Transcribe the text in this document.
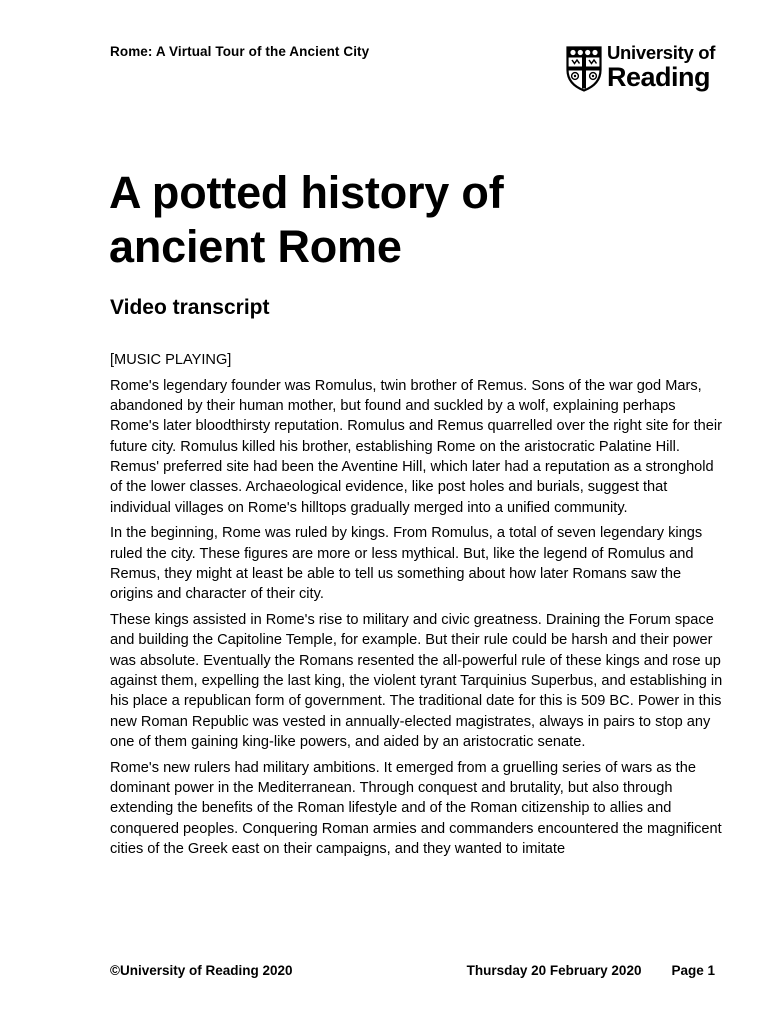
Rome: A Virtual Tour of the Ancient City	University of
Reading
A potted history of ancient Rome
Video transcript

[MUSIC PLAYING]

Rome's legendary founder was Romulus, twin brother of Remus. Sons of the war god Mars, abandoned by their human mother, but found and suckled by a wolf, explaining perhaps Rome's later bloodthirsty reputation. Romulus and Remus quarrelled over the right site for their future city. Romulus killed his brother, establishing Rome on the aristocratic Palatine Hill. Remus' preferred site had been the Aventine Hill, which later had a reputation as a stronghold of the lower classes. Archaeological evidence, like post holes and burials, suggest that individual villages on Rome's hilltops gradually merged into a unified community.

In the beginning, Rome was ruled by kings. From Romulus, a total of seven legendary kings ruled the city. These figures are more or less mythical. But, like the legend of Romulus and Remus, they might at least be able to tell us something about how later Romans saw the origins and character of their city.

These kings assisted in Rome's rise to military and civic greatness. Draining the Forum space and building the Capitoline Temple, for example. But their rule could be harsh and their power was absolute. Eventually the Romans resented the all-powerful rule of these kings and rose up against them, expelling the last king, the violent tyrant Tarquinius Superbus, and establishing in his place a republican form of government. The traditional date for this is 509 BC. Power in this new Roman Republic was vested in annually-elected magistrates, always in pairs to stop any one of them gaining king-like powers, and aided by an aristocratic senate.

Rome's new rulers had military ambitions. It emerged from a gruelling series of wars as the dominant power in the Mediterranean. Through conquest and brutality, but also through extending the benefits of the Roman lifestyle and of the Roman citizenship to allies and conquered peoples. Conquering Roman armies and commanders encountered the magnificent cities of the Greek east on their campaigns, and they wanted to imitate

©University of Reading 2020	Thursday 20 February 2020 Page 1
